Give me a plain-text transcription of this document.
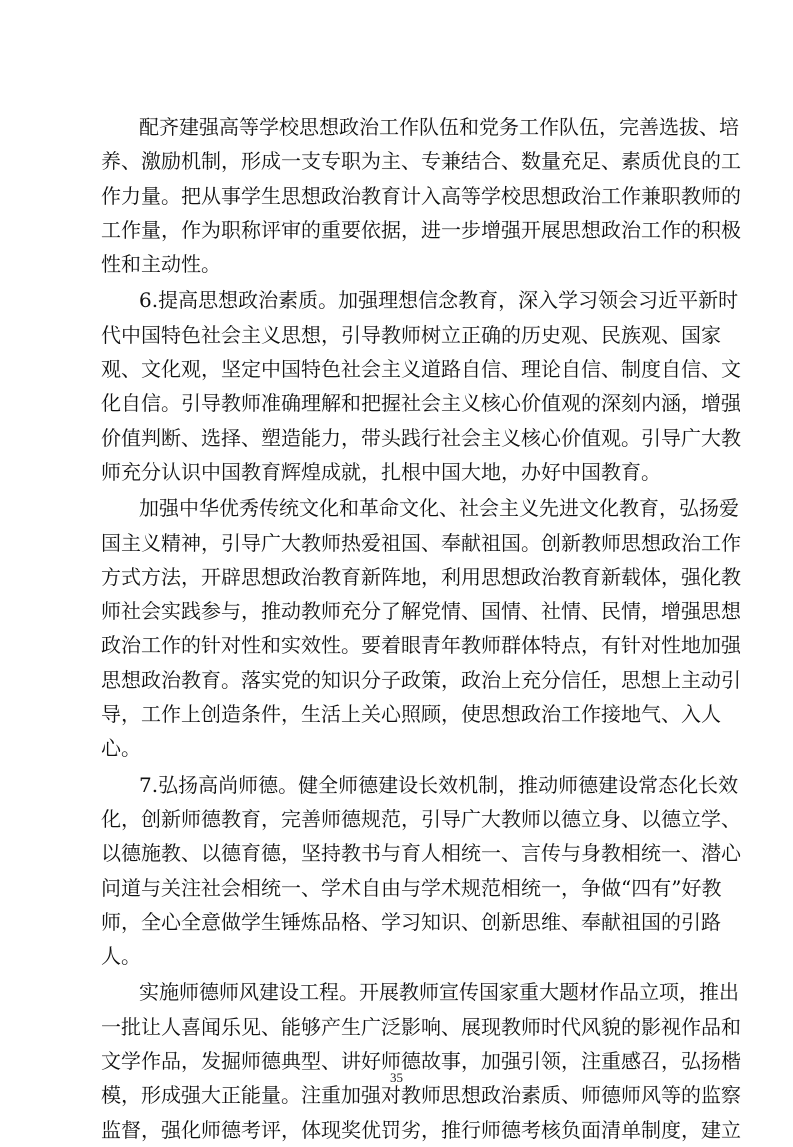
配齐建强高等学校思想政治工作队伍和党务工作队伍，完善选拔、培
养、激励机制，形成一支专职为主、专兼结合、数量充足、素质优良的工
作力量。把从事学生思想政治教育计入高等学校思想政治工作兼职教师的
工作量，作为职称评审的重要依据，进一步增强开展思想政治工作的积极
性和主动性。
6.提高思想政治素质。加强理想信念教育，深入学习领会习近平新时
代中国特色社会主义思想，引导教师树立正确的历史观、民族观、国家
观、文化观，坚定中国特色社会主义道路自信、理论自信、制度自信、文
化自信。引导教师准确理解和把握社会主义核心价值观的深刻内涵，增强
价值判断、选择、塑造能力，带头践行社会主义核心价值观。引导广大教
师充分认识中国教育辉煌成就，扎根中国大地，办好中国教育。
加强中华优秀传统文化和革命文化、社会主义先进文化教育，弘扬爱
国主义精神，引导广大教师热爱祖国、奉献祖国。创新教师思想政治工作
方式方法，开辟思想政治教育新阵地，利用思想政治教育新载体，强化教
师社会实践参与，推动教师充分了解党情、国情、社情、民情，增强思想
政治工作的针对性和实效性。要着眼青年教师群体特点，有针对性地加强
思想政治教育。落实党的知识分子政策，政治上充分信任，思想上主动引
导，工作上创造条件，生活上关心照顾，使思想政治工作接地气、入人
心。
7.弘扬高尚师德。健全师德建设长效机制，推动师德建设常态化长效
化，创新师德教育，完善师德规范，引导广大教师以德立身、以德立学、
以德施教、以德育德，坚持教书与育人相统一、言传与身教相统一、潜心
问道与关注社会相统一、学术自由与学术规范相统一，争做“四有”好教
师，全心全意做学生锤炼品格、学习知识、创新思维、奉献祖国的引路
人。
实施师德师风建设工程。开展教师宣传国家重大题材作品立项，推出
一批让人喜闻乐见、能够产生广泛影响、展现教师时代风貌的影视作品和
文学作品，发掘师德典型、讲好师德故事，加强引领，注重感召，弘扬楷
模，形成强大正能量。注重加强对教师思想政治素质、师德师风等的监察
监督，强化师德考评，体现奖优罚劣，推行师德考核负面清单制度，建立
35
